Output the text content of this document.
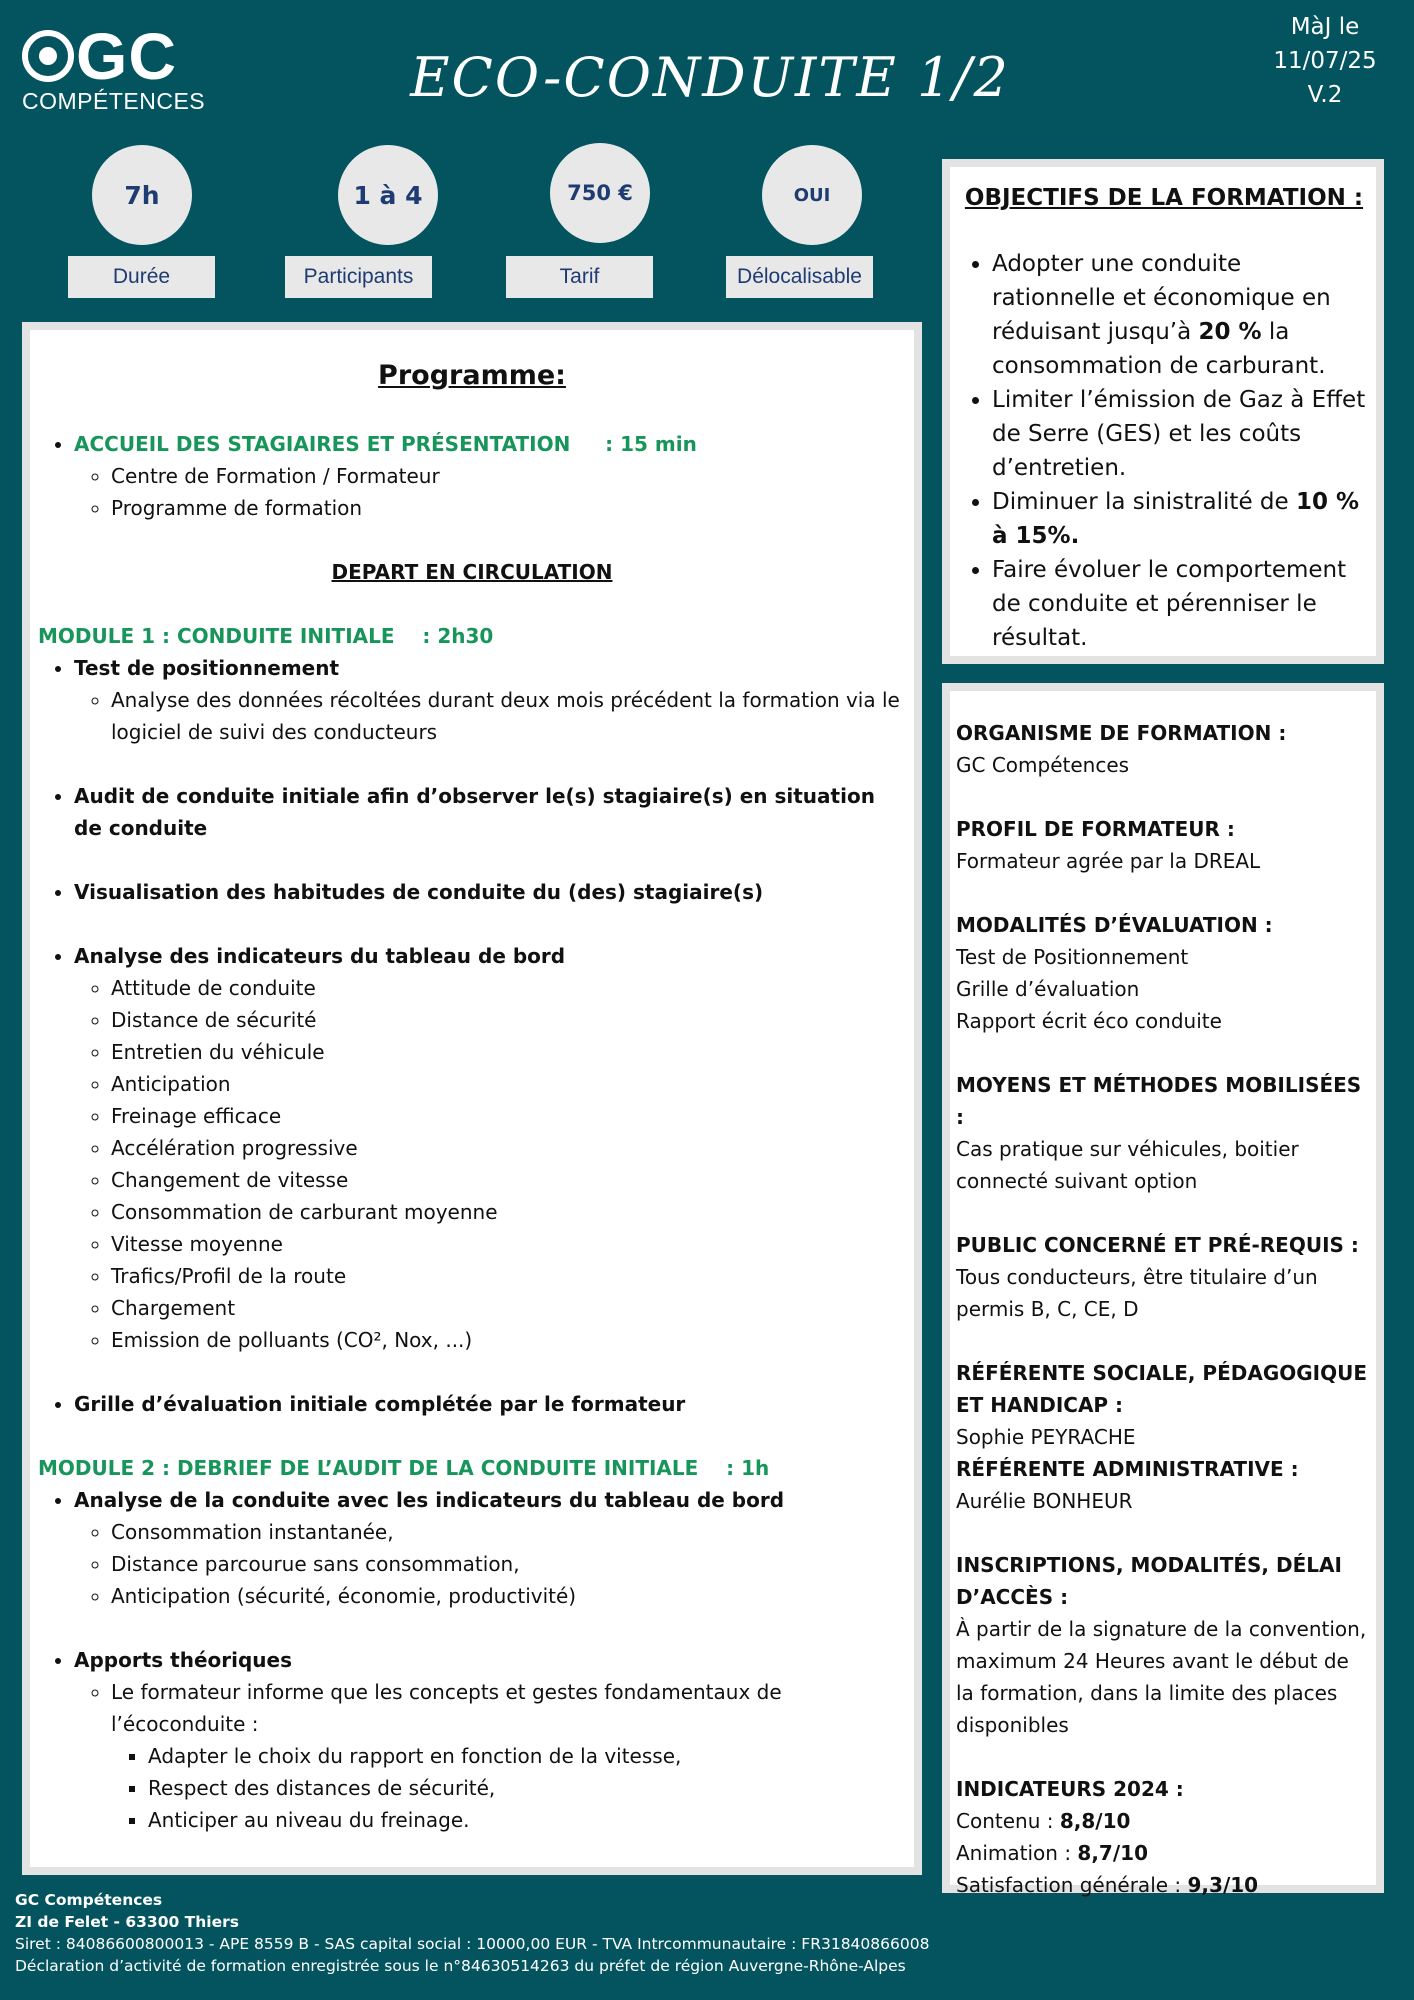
GC
COMPÉTENCES	ECO-CONDUITE 1/2
MàJ le
11/07/25
V.2
7h	1 à 4	750 €	OUI
Durée	Participants	Tarif	Délocalisable
Programme:
• ACCUEIL DES STAGIAIRES ET PRÉSENTATION : 15 min
◦ Centre de Formation / Formateur
◦ Programme de formation
DEPART EN CIRCULATION
MODULE 1 : CONDUITE INITIALE : 2h30
• Test de positionnement
◦ Analyse des données récoltées durant deux mois précédent la formation via le logiciel de suivi des conducteurs
• Audit de conduite initiale afin d’observer le(s) stagiaire(s) en situation de conduite
• Visualisation des habitudes de conduite du (des) stagiaire(s)
• Analyse des indicateurs du tableau de bord
◦ Attitude de conduite
◦ Distance de sécurité
◦ Entretien du véhicule
◦ Anticipation
◦ Freinage efficace
◦ Accélération progressive
◦ Changement de vitesse
◦ Consommation de carburant moyenne
◦ Vitesse moyenne
◦ Trafics/Profil de la route
◦ Chargement
◦ Emission de polluants (CO², Nox, ...)
• Grille d’évaluation initiale complétée par le formateur
MODULE 2 : DEBRIEF DE L’AUDIT DE LA CONDUITE INITIALE : 1h
• Analyse de la conduite avec les indicateurs du tableau de bord
◦ Consommation instantanée,
◦ Distance parcourue sans consommation,
◦ Anticipation (sécurité, économie, productivité)
• Apports théoriques
◦ Le formateur informe que les concepts et gestes fondamentaux de l’écoconduite :
▪ Adapter le choix du rapport en fonction de la vitesse,
▪ Respect des distances de sécurité,
▪ Anticiper au niveau du freinage.
OBJECTIFS DE LA FORMATION :
• Adopter une conduite rationnelle et économique en réduisant jusqu’à 20 % la consommation de carburant.
• Limiter l’émission de Gaz à Effet de Serre (GES) et les coûts d’entretien.
• Diminuer la sinistralité de 10 % à 15%.
• Faire évoluer le comportement de conduite et pérenniser le résultat.
ORGANISME DE FORMATION :
GC Compétences
PROFIL DE FORMATEUR :
Formateur agrée par la DREAL
MODALITÉS D’ÉVALUATION :
Test de Positionnement
Grille d’évaluation
Rapport écrit éco conduite
MOYENS ET MÉTHODES MOBILISÉES :
Cas pratique sur véhicules, boitier connecté suivant option
PUBLIC CONCERNÉ ET PRÉ-REQUIS :
Tous conducteurs, être titulaire d’un permis B, C, CE, D
RÉFÉRENTE SOCIALE, PÉDAGOGIQUE ET HANDICAP :
Sophie PEYRACHE
RÉFÉRENTE ADMINISTRATIVE :
Aurélie BONHEUR
INSCRIPTIONS, MODALITÉS, DÉLAI D’ACCÈS :
À partir de la signature de la convention, maximum 24 Heures avant le début de la formation, dans la limite des places disponibles
INDICATEURS 2024 :
Contenu : 8,8/10
Animation : 8,7/10
Satisfaction générale : 9,3/10
GC Compétences
ZI de Felet - 63300 Thiers
Siret : 84086600800013 - APE 8559 B - SAS capital social : 10000,00 EUR - TVA Intrcommunautaire : FR31840866008
Déclaration d’activité de formation enregistrée sous le n°84630514263 du préfet de région Auvergne-Rhône-Alpes
